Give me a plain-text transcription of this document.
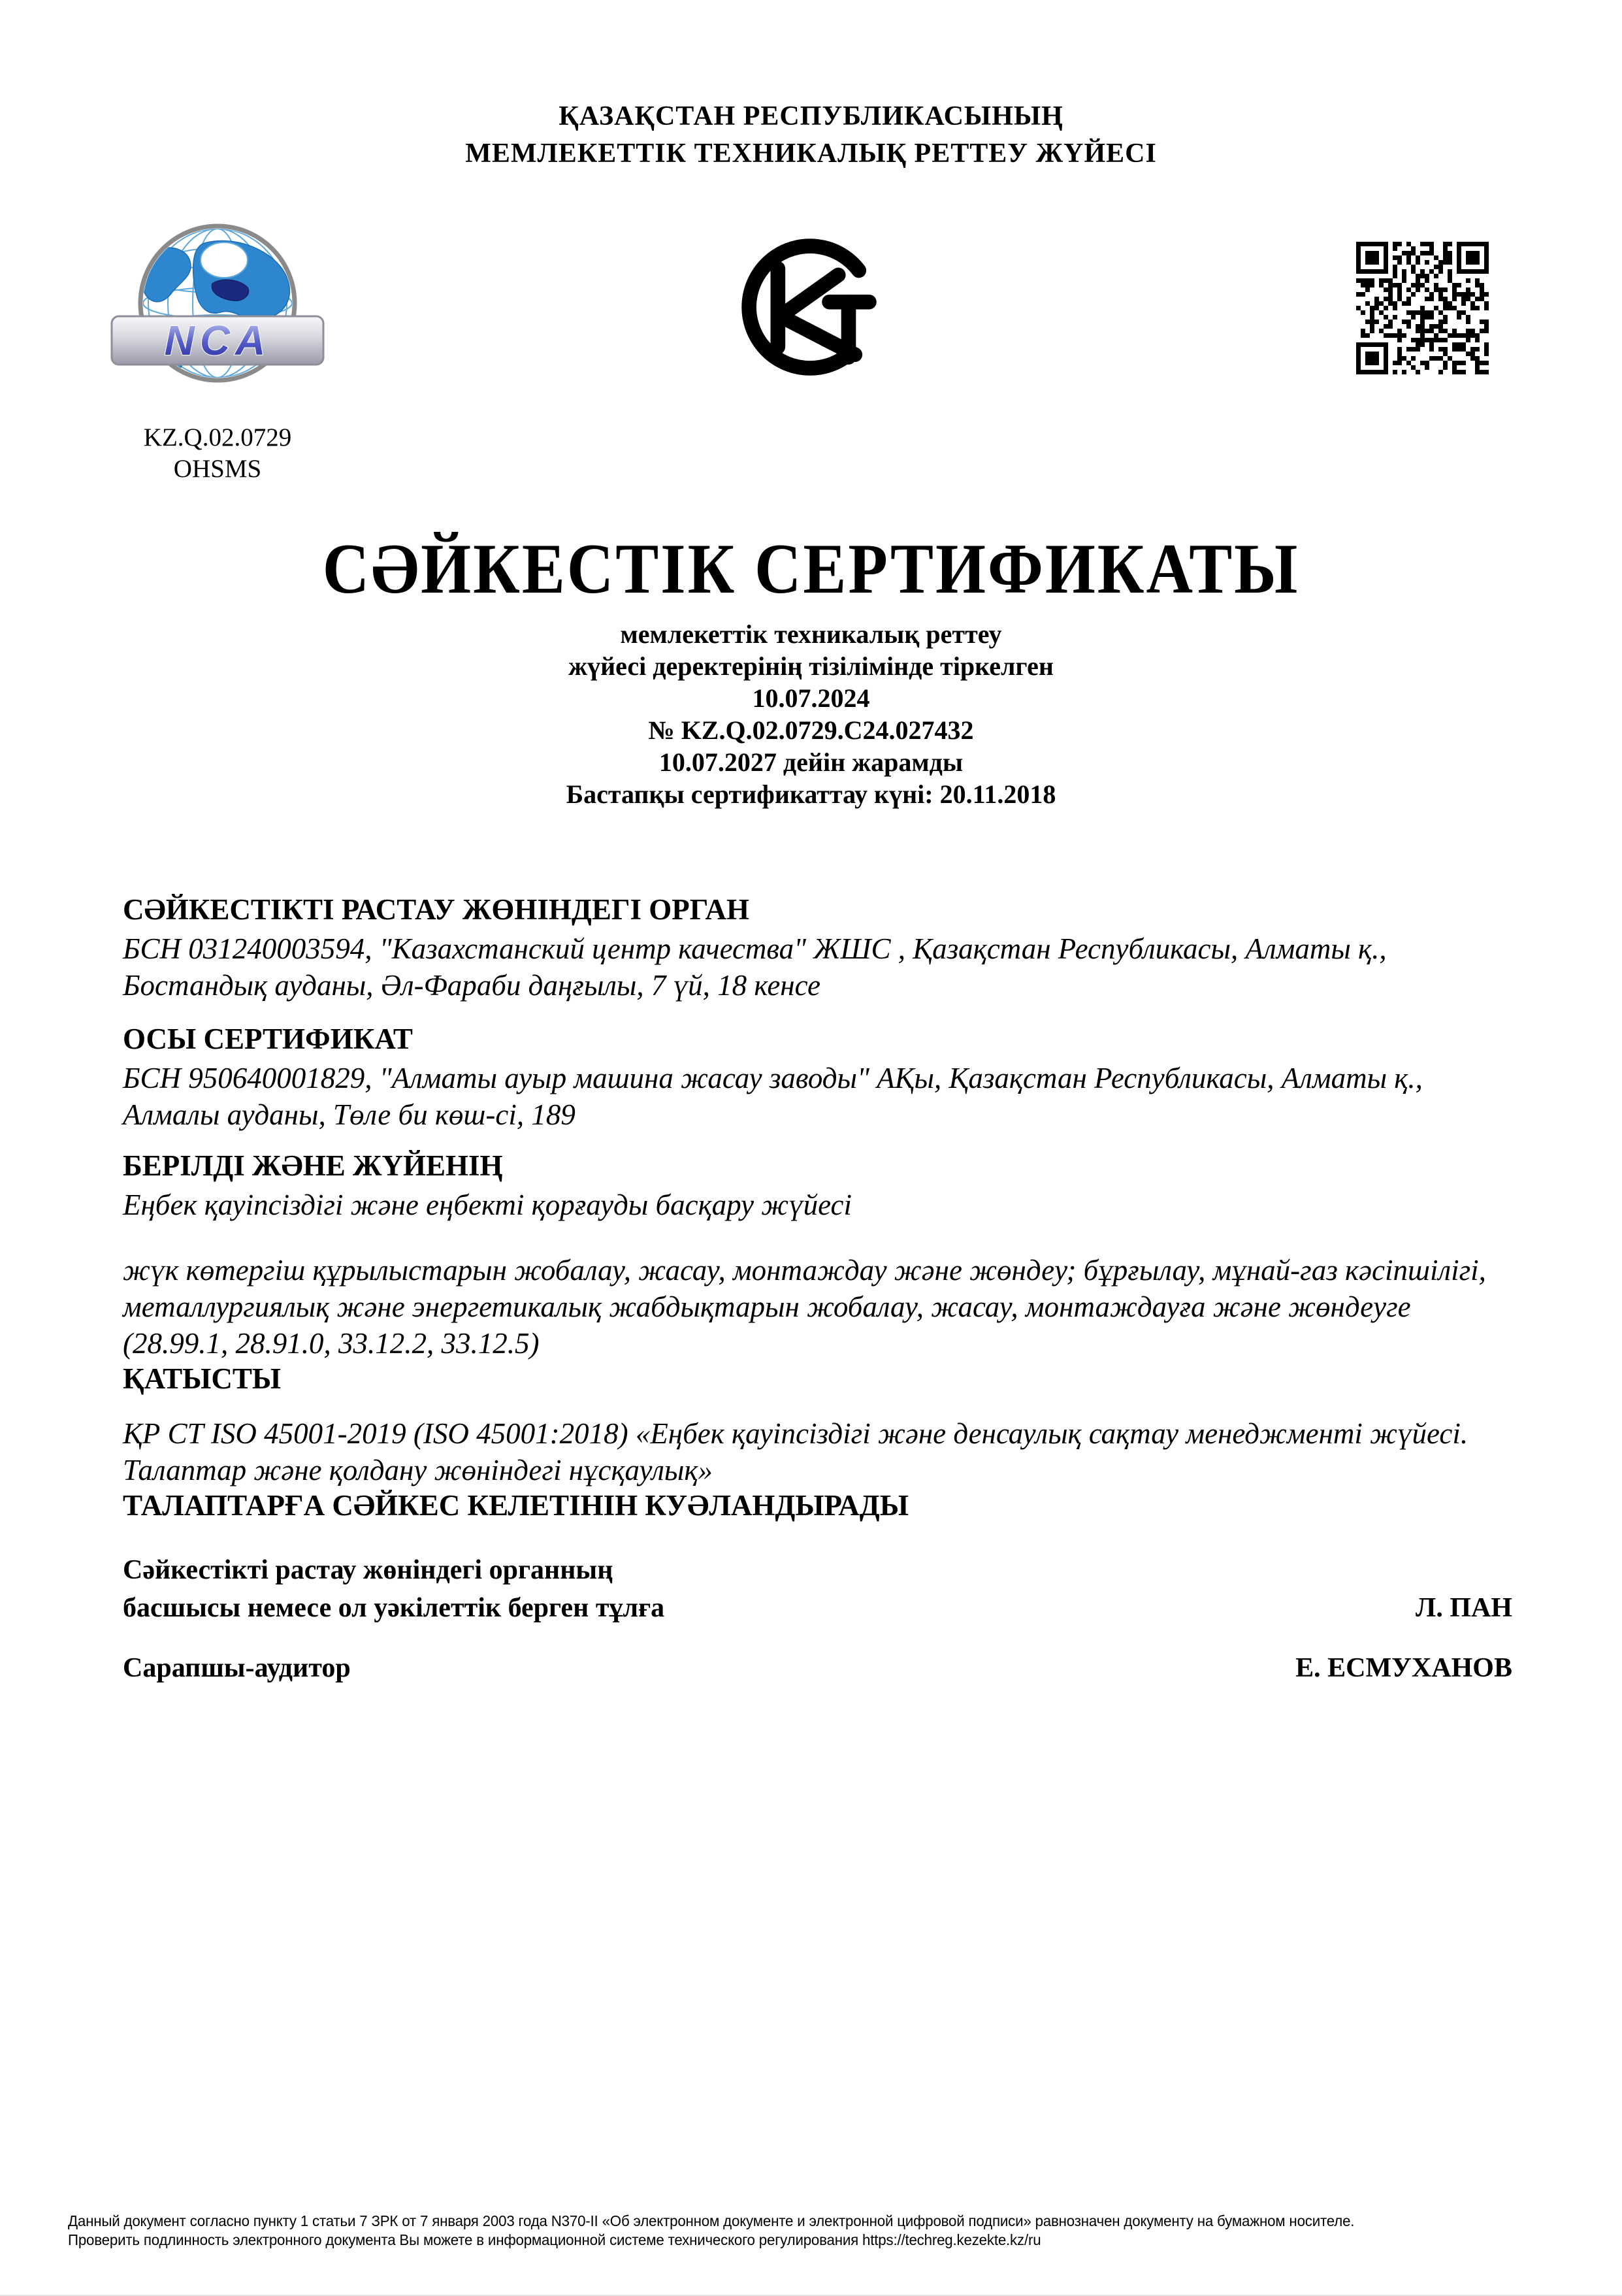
ҚАЗАҚСТАН РЕСПУБЛИКАСЫНЫҢ
МЕМЛЕКЕТТІК ТЕХНИКАЛЫҚ РЕТТЕУ ЖҮЙЕСІ
NCA
KZ.Q.02.0729
OHSMS
СӘЙКЕСТІК СЕРТИФИКАТЫ
мемлекеттік техникалық реттеу
жүйесі деректерінің тізілімінде тіркелген
10.07.2024
№ KZ.Q.02.0729.C24.027432
10.07.2027 дейін жарамды
Бастапқы сертификаттау күні: 20.11.2018
СӘЙКЕСТІКТІ РАСТАУ ЖӨНІНДЕГІ ОРГАН
БСН 031240003594, "Казахстанский центр качества" ЖШС , Қазақстан Республикасы, Алматы қ., Бостандық ауданы, Әл-Фараби даңғылы, 7 үй, 18 кенсе
ОСЫ СЕРТИФИКАТ
БСН 950640001829, "Алматы ауыр машина жасау заводы" АҚы, Қазақстан Республикасы, Алматы қ., Алмалы ауданы, Төле би көш-сі, 189
БЕРІЛДІ ЖӘНЕ ЖҮЙЕНІҢ
Еңбек қауіпсіздігі және еңбекті қорғауды басқару жүйесі
жүк көтергіш құрылыстарын жобалау, жасау, монтаждау және жөндеу; бұрғылау, мұнай-газ кәсіпшілігі, металлургиялық және энергетикалық жабдықтарын жобалау, жасау, монтаждауға және жөндеуге (28.99.1, 28.91.0, 33.12.2, 33.12.5)
ҚАТЫСТЫ
ҚР СТ ISO 45001-2019 (ISO 45001:2018) «Еңбек қауіпсіздігі және денсаулық сақтау менеджменті жүйесі. Талаптар және қолдану жөніндегі нұсқаулық»
ТАЛАПТАРҒА СӘЙКЕС КЕЛЕТІНІН КУӘЛАНДЫРАДЫ
Сәйкестікті растау жөніндегі органның
басшысы немесе ол уәкілеттік берген тұлға	Л. ПАН
Сарапшы-аудитор	Е. ЕСМУХАНОВ
Данный документ согласно пункту 1 статьи 7 ЗРК от 7 января 2003 года N370-II «Об электронном документе и электронной цифровой подписи» равнозначен документу на бумажном носителе.
Проверить подлинность электронного документа Вы можете в информационной системе технического регулирования https://techreg.kezekte.kz/ru
